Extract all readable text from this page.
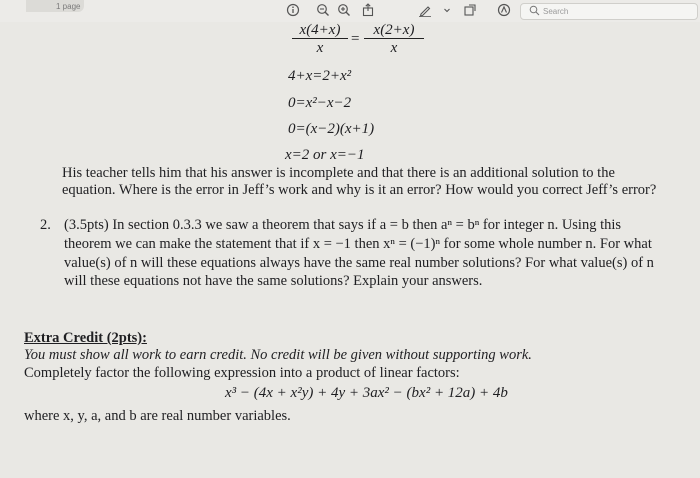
1 page
Search
$\frac{x(4+x)}{x} = \frac{x(2+x)}{x}$
4+x=2+x²
0=x²−x−2
0=(x−2)(x+1)
x=2 or x=−1
His teacher tells him that his answer is incomplete and that there is an additional solution to the
equation. Where is the error in Jeff’s work and why is it an error? How would you correct Jeff’s error?
2. (3.5pts) In section 0.3.3 we saw a theorem that says if a = b then aⁿ = bⁿ for integer n. Using this
theorem we can make the statement that if x = −1 then xⁿ = (−1)ⁿ for some whole number n. For what
value(s) of n will these equations always have the same real number solutions? For what value(s) of n
will these equations not have the same solutions? Explain your answers.
Extra Credit (2pts):
You must show all work to earn credit. No credit will be given without supporting work.
Completely factor the following expression into a product of linear factors:
x³ − (4x + x²y) + 4y + 3ax² − (bx² + 12a) + 4b
where x, y, a, and b are real number variables.
